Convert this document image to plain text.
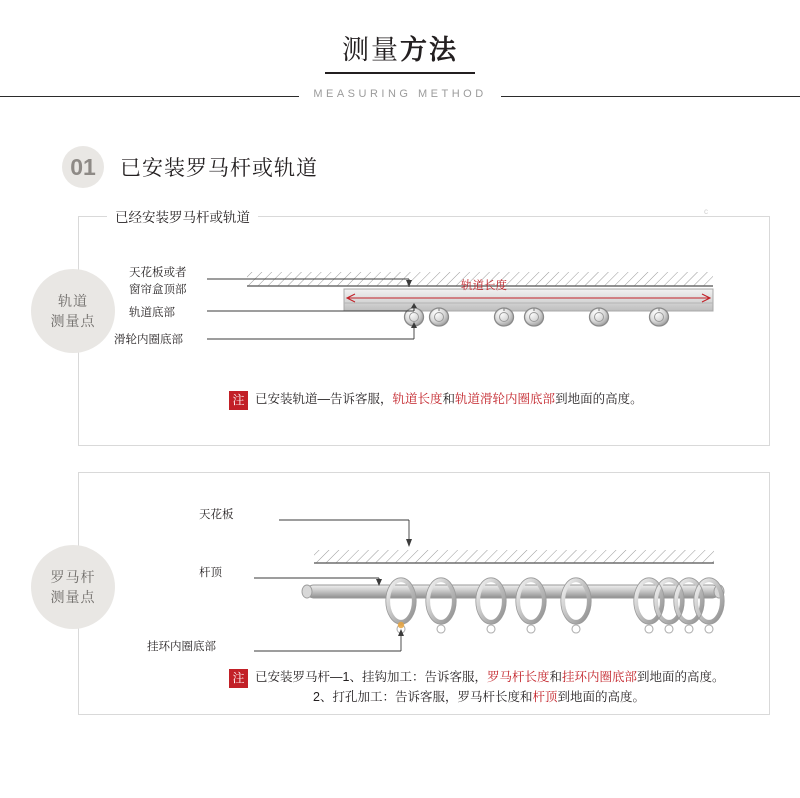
测量方法
MEASURING METHOD
01	已安装罗马杆或轨道
已经安装罗马杆或轨道
轨道
测量点
天花板或者
窗帘盒顶部
轨道底部
滑轮内圈底部
轨道长度
c
注 已安装轨道—告诉客服，轨道长度和轨道滑轮内圈底部到地面的高度。
罗马杆
测量点
天花板
杆顶
挂环内圈底部
注 已安装罗马杆—1、挂钩加工：告诉客服，罗马杆长度和挂环内圈底部到地面的高度。
2、打孔加工：告诉客服，罗马杆长度和杆顶到地面的高度。
